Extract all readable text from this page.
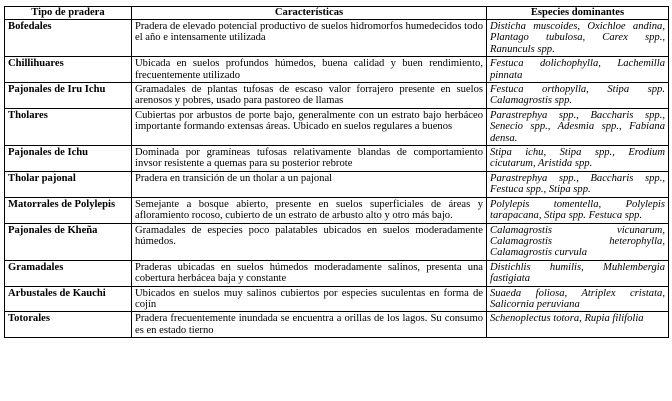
Tipo de pradera	Características	Especies dominantes
Bofedales	Pradera de elevado potencial productivo de suelos hidromorfos humedecidos todo el año e intensamente utilizada	Disticha muscoides, Oxichloe andina, Plantago tubulosa, Carex spp., Ranunculs spp.
Chillihuares	Ubicada en suelos profundos húmedos, buena calidad y buen rendimiento, frecuentemente utilizado	Festuca dolichophylla, Lachemilla pinnata
Pajonales de Iru Ichu	Gramadales de plantas tufosas de escaso valor forrajero presente en suelos arenosos y pobres, usado para pastoreo de llamas	Festuca orthopylla, Stipa spp. Calamagrostis spp.
Tholares	Cubiertas por arbustos de porte bajo, generalmente con un estrato bajo herbáceo importante formando extensas áreas. Ubicado en suelos regulares a buenos	Parastrephya spp., Baccharis spp., Senecio spp., Adesmia spp., Fabiana densa.
Pajonales de Ichu	Dominada por gramíneas tufosas relativamente blandas de comportamiento invsor resistente a quemas para su posterior rebrote	Stipa ichu, Stipa spp., Erodium cicutarum, Aristida spp.
Tholar pajonal	Pradera en transición de un tholar a un pajonal	Parastrephya spp., Baccharis spp., Festuca spp., Stipa spp.
Matorrales de Polylepis	Semejante a bosque abierto, presente en suelos superficiales de áreas y afloramiento rocoso, cubierto de un estrato de arbusto alto y otro más bajo.	Polylepis tomentella, Polylepis tarapacana, Stipa spp. Festuca spp.
Pajonales de Kheña	Gramadales de especies poco palatables ubicados en suelos moderadamente húmedos.	Calamagrostis vicunarum, Calamagrostis heterophylla, Calamagrostis curvula
Gramadales	Praderas ubicadas en suelos húmedos moderadamente salinos, presenta una cobertura herbácea baja y constante	Distichlis humilis, Muhlembergia fastigiata
Arbustales de Kauchi	Ubicados en suelos muy salinos cubiertos por especies suculentas en forma de cojín	Suaeda foliosa, Atriplex cristata, Salicornia peruviana
Totorales	Pradera frecuentemente inundada se encuentra a orillas de los lagos. Su consumo es en estado tierno	Schenoplectus totora, Rupia filifolia
